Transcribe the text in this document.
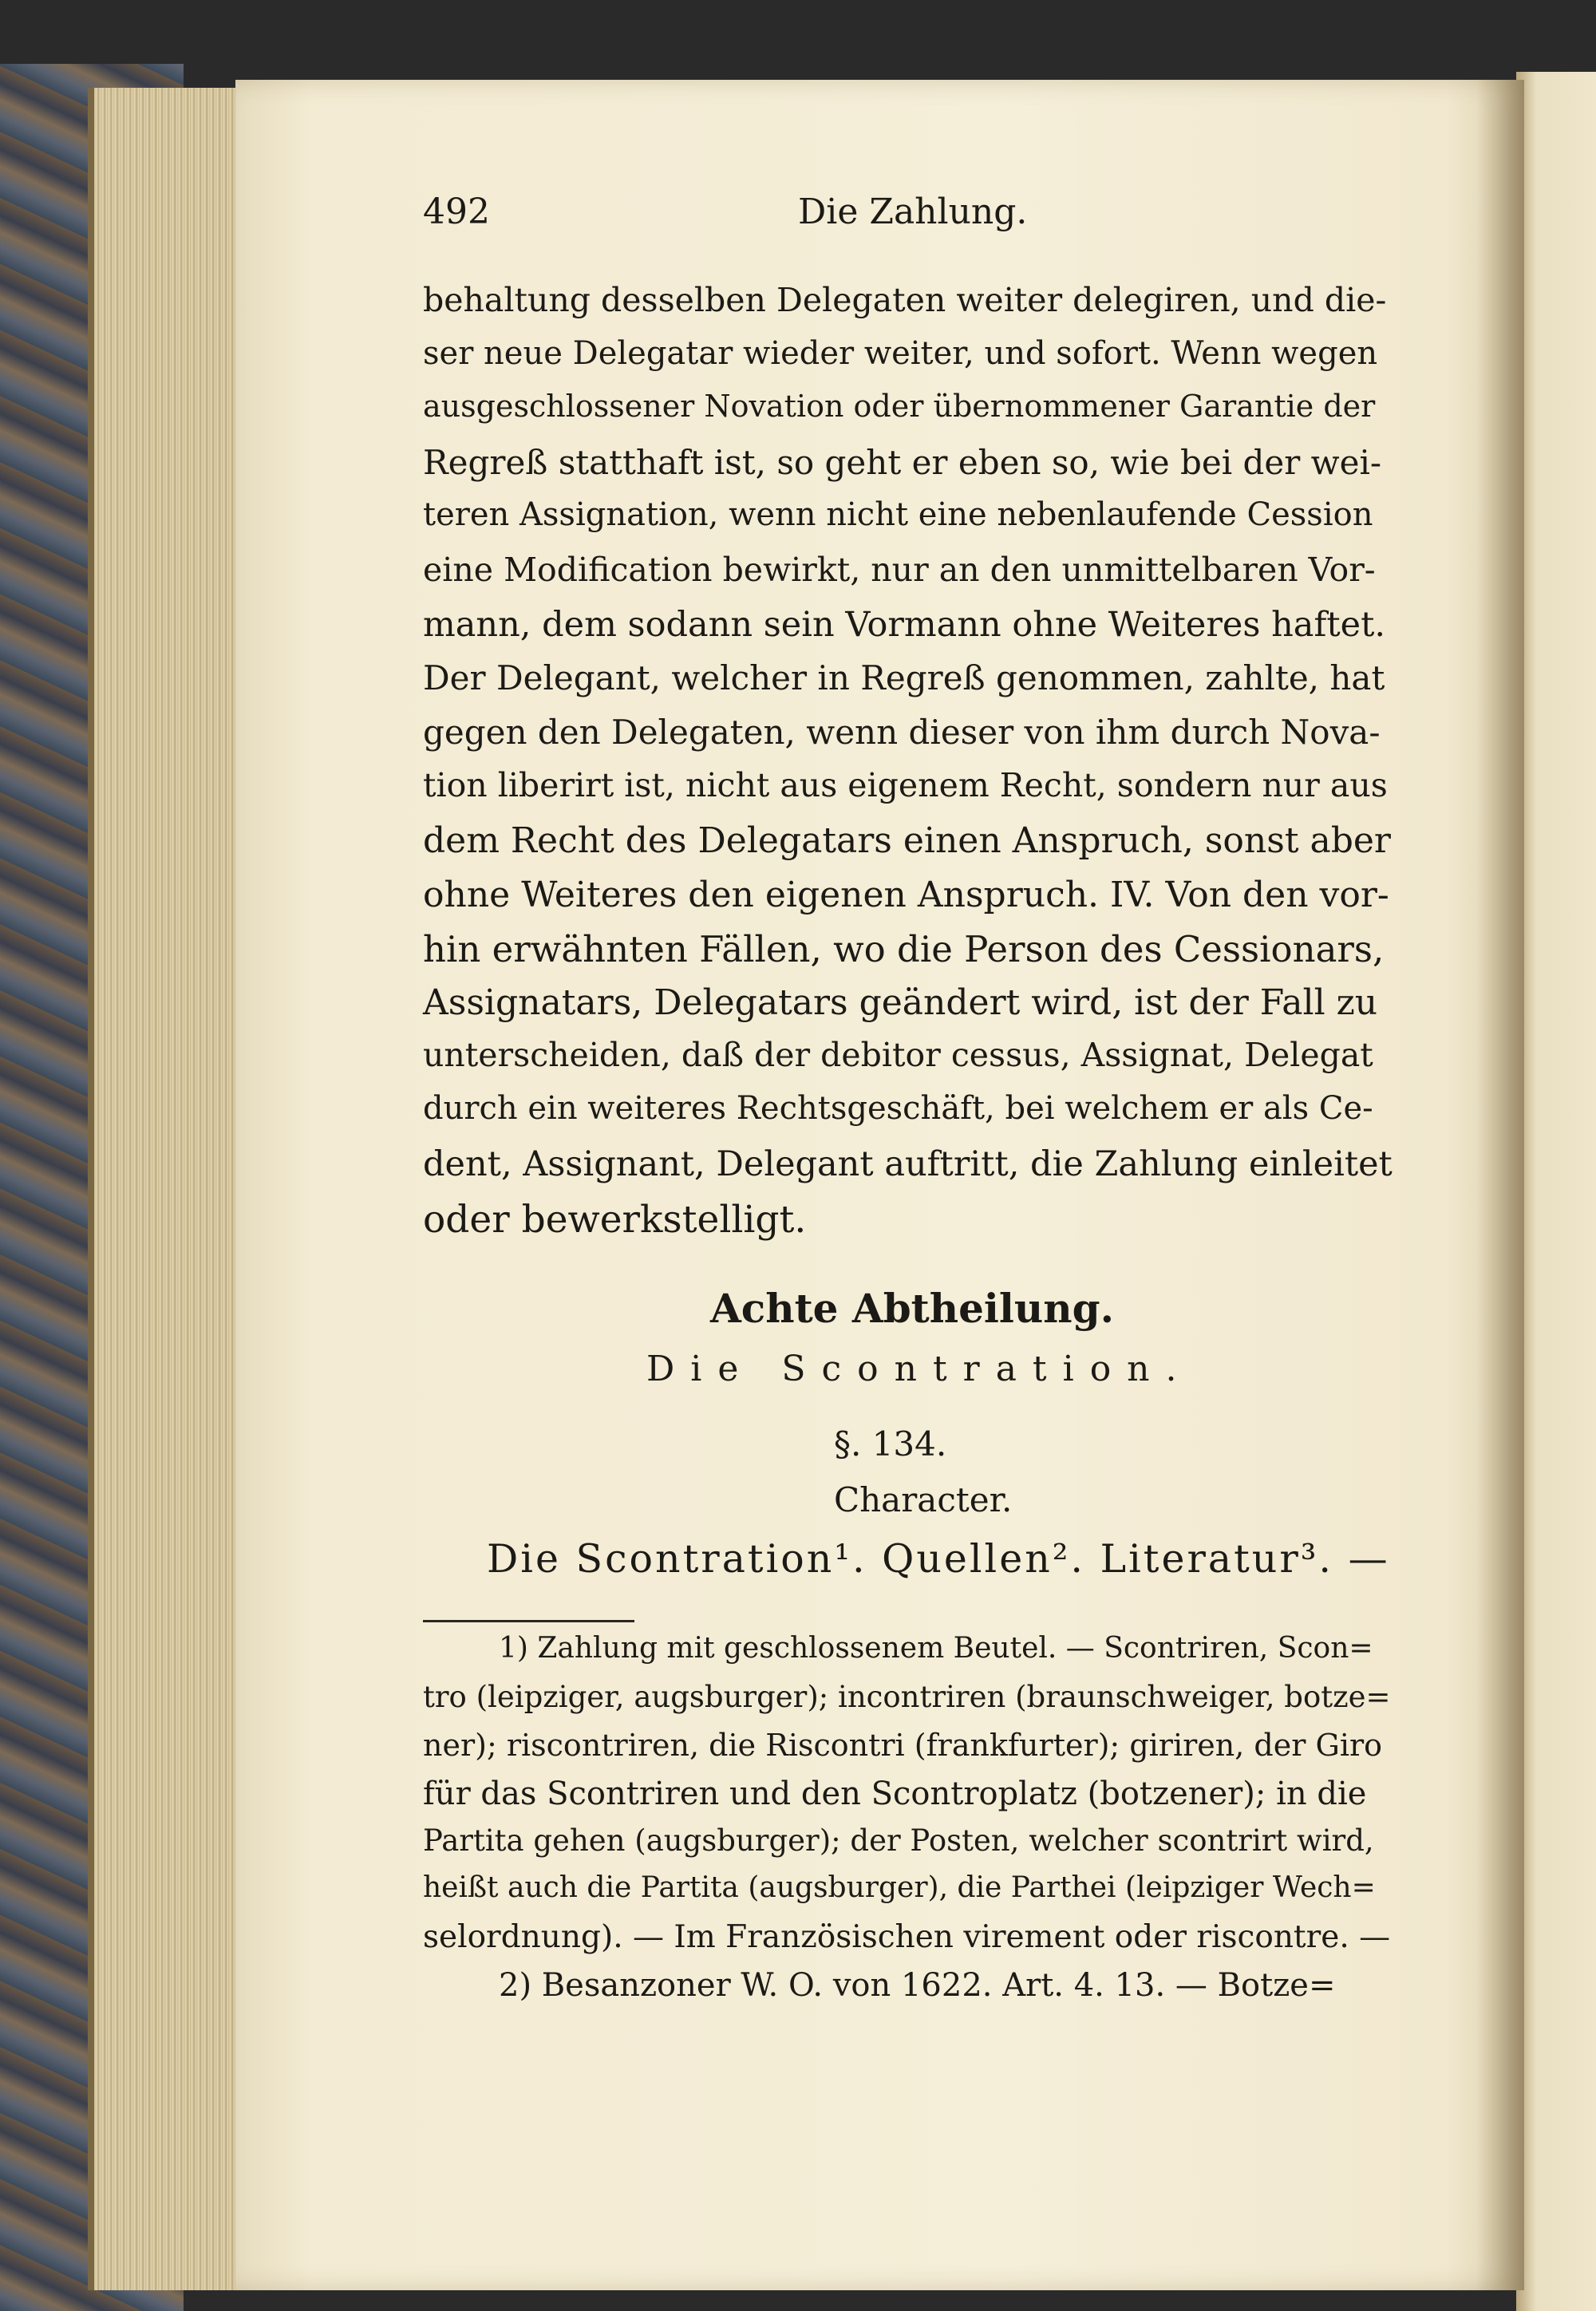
492	Die Zahlung.

behaltung desselben Delegaten weiter delegiren, und die-

ser neue Delegatar wieder weiter, und sofort. Wenn wegen

ausgeschlossener Novation oder übernommener Garantie der

Regreß statthaft ist, so geht er eben so, wie bei der wei-

teren Assignation, wenn nicht eine nebenlaufende Cession

eine Modification bewirkt, nur an den unmittelbaren Vor-

mann, dem sodann sein Vormann ohne Weiteres haftet.

Der Delegant, welcher in Regreß genommen, zahlte, hat

gegen den Delegaten, wenn dieser von ihm durch Nova-

tion liberirt ist, nicht aus eigenem Recht, sondern nur aus

dem Recht des Delegatars einen Anspruch, sonst aber

ohne Weiteres den eigenen Anspruch. IV. Von den vor-

hin erwähnten Fällen, wo die Person des Cessionars,

Assignatars, Delegatars geändert wird, ist der Fall zu

unterscheiden, daß der debitor cessus, Assignat, Delegat

durch ein weiteres Rechtsgeschäft, bei welchem er als Ce-

dent, Assignant, Delegant auftritt, die Zahlung einleitet

oder bewerkstelligt.

Achte Abtheilung.

Die Scontration.

§. 134.

Character.

Die Scontration¹. Quellen². Literatur³. —

1) Zahlung mit geschlossenem Beutel. — Scontriren, Scon=

tro (leipziger, augsburger); incontriren (braunschweiger, botze=

ner); riscontriren, die Riscontri (frankfurter); giriren, der Giro

für das Scontriren und den Scontroplatz (botzener); in die

Partita gehen (augsburger); der Posten, welcher scontrirt wird,

heißt auch die Partita (augsburger), die Parthei (leipziger Wech=

selordnung). — Im Französischen virement oder riscontre. —

2) Besanzoner W. O. von 1622. Art. 4. 13. — Botze=
